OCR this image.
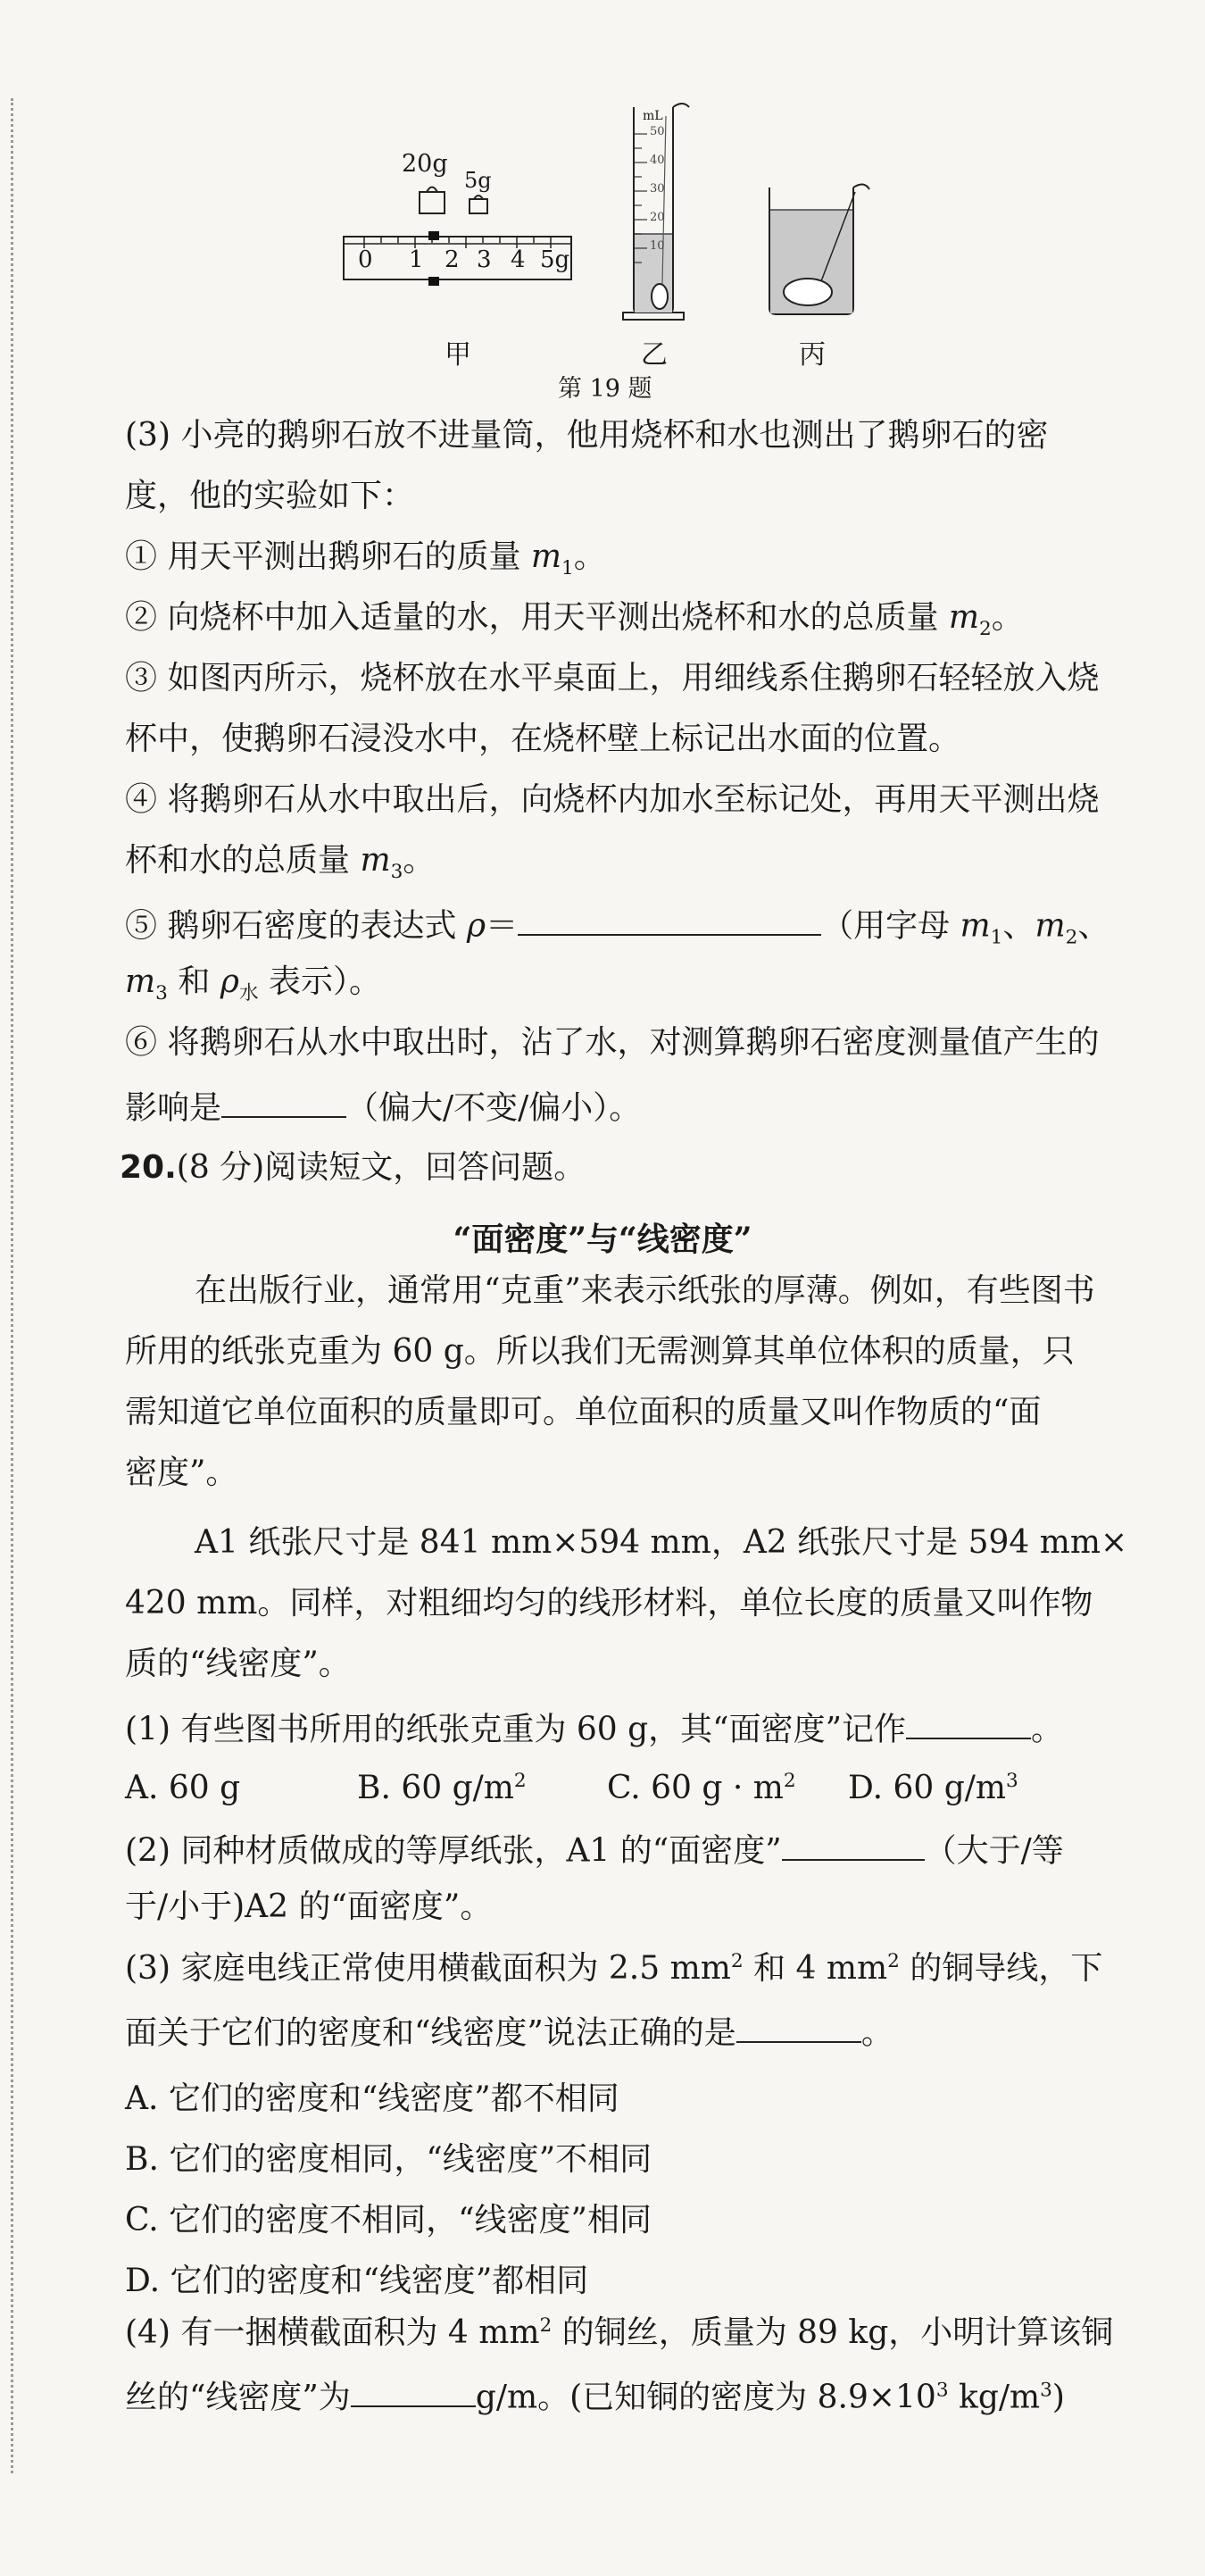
20g
5g
0 1 2 3 4 5g
mL
50
40
30
20
10
甲	乙	丙
第 19 题
(3) 小亮的鹅卵石放不进量筒，他用烧杯和水也测出了鹅卵石的密
度，他的实验如下：
① 用天平测出鹅卵石的质量 $m_1$。
② 向烧杯中加入适量的水，用天平测出烧杯和水的总质量 $m_2$。
③ 如图丙所示，烧杯放在水平桌面上，用细线系住鹅卵石轻轻放入烧
杯中，使鹅卵石浸没水中，在烧杯壁上标记出水面的位置。
④ 将鹅卵石从水中取出后，向烧杯内加水至标记处，再用天平测出烧
杯和水的总质量 $m_3$。
⑤ 鹅卵石密度的表达式 ρ＝	（用字母 $m_1$、$m_2$、
$m_3$ 和 $\rho_水$ 表示）。
⑥ 将鹅卵石从水中取出时，沾了水，对测算鹅卵石密度测量值产生的
影响是	（偏大/不变/偏小）。
20.(8 分)阅读短文，回答问题。
“面密度”与“线密度”
在出版行业，通常用“克重”来表示纸张的厚薄。例如，有些图书
所用的纸张克重为 60 g。所以我们无需测算其单位体积的质量，只
需知道它单位面积的质量即可。单位面积的质量又叫作物质的“面
密度”。
A1 纸张尺寸是 841 mm×594 mm，A2 纸张尺寸是 594 mm×
420 mm。同样，对粗细均匀的线形材料，单位长度的质量又叫作物
质的“线密度”。
(1) 有些图书所用的纸张克重为 60 g，其“面密度”记作	。
A. 60 g	B. 60 $g/m^2$	C. 60 $g \cdot m^2$ D. 60 $g/m^3$
(2) 同种材质做成的等厚纸张，A1 的“面密度”	（大于/等
于/小于)A2 的“面密度”。
(3) 家庭电线正常使用横截面积为 2.5 $mm^2$ 和 4 $mm^2$ 的铜导线，下
面关于它们的密度和“线密度”说法正确的是	。
A. 它们的密度和“线密度”都不相同
B. 它们的密度相同，“线密度”不相同
C. 它们的密度不相同，“线密度”相同
D. 它们的密度和“线密度”都相同
(4) 有一捆横截面积为 4 $mm^2$ 的铜丝，质量为 89 kg，小明计算该铜
丝的“线密度”为	g/m。(已知铜的密度为 $8.9\times 10^3$ $kg/m^3$)
